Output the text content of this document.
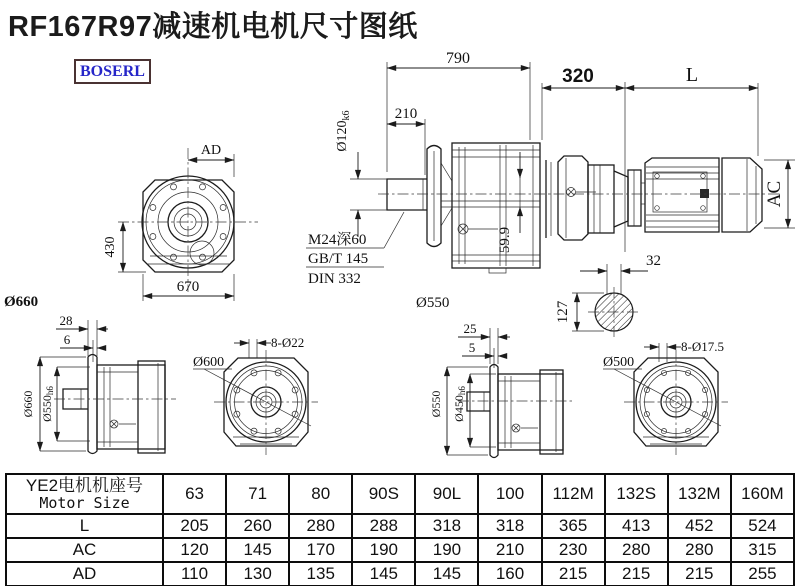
AD
430
670
790
210
Ø120k6
M24深60
GB/T 145
DIN 332
59.9
320	L
AC
Ø550
32
127
Ø660
28
6
Ø660 Ø550h6
Ø600
8-Ø22
25
5
Ø550 Ø450h6
Ø500
8-Ø17.5
RF167R97减速机电机尺寸图纸
BOSERL
YE2电机机座号
Motor Size	63	71	80	90S	90L	100	112M	132S	132M	160M
L	205	260	280	288	318	318	365	413	452	524
AC	120	145	170	190	190	210	230	280	280	315
AD	110	130	135	145	145	160	215	215	215	255
